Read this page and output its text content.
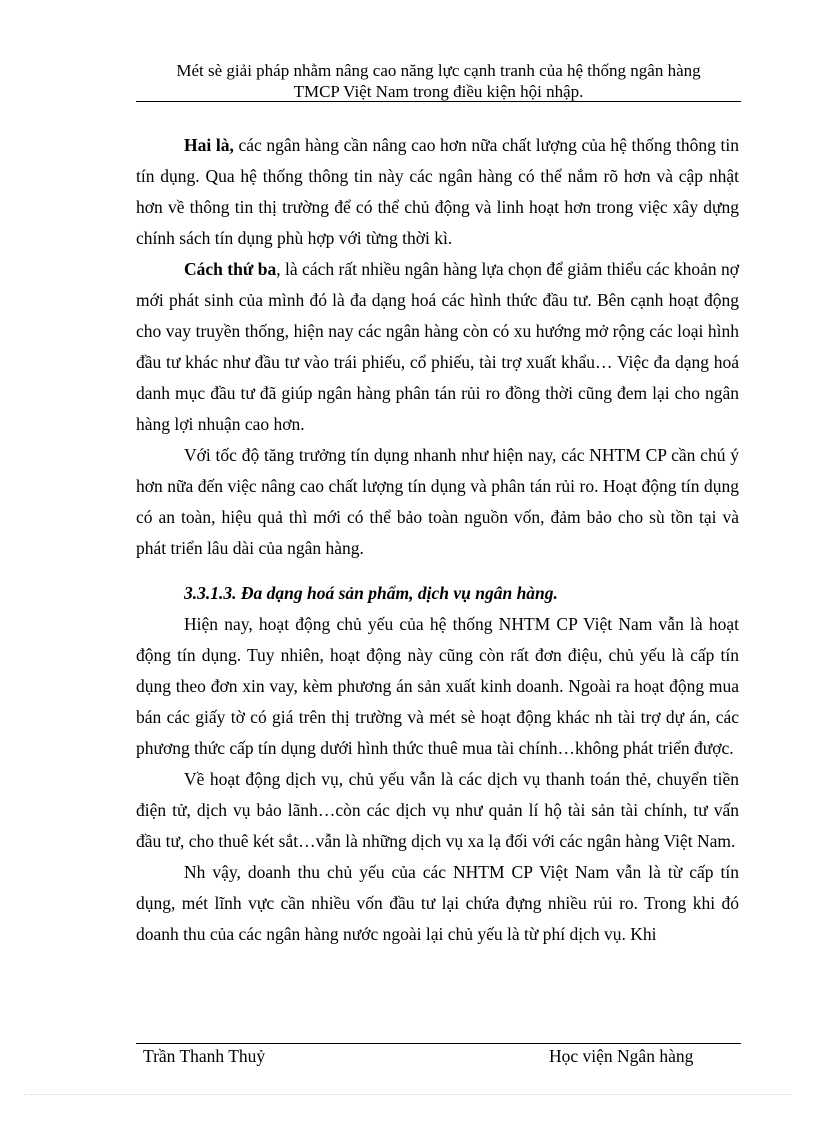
Mét sè giải pháp nhằm nâng cao năng lực cạnh tranh của hệ thống ngân hàng
TMCP Việt Nam trong điều kiện hội nhập.

Hai là, các ngân hàng cần nâng cao hơn nữa chất lượng của hệ thống thông tin tín dụng. Qua hệ thống thông tin này các ngân hàng có thể nắm rõ hơn và cập nhật hơn về thông tin thị trường để có thể chủ động và linh hoạt hơn trong việc xây dựng chính sách tín dụng phù hợp với từng thời kì.

Cách thứ ba, là cách rất nhiều ngân hàng lựa chọn để giảm thiểu các khoản nợ mới phát sinh của mình đó là đa dạng hoá các hình thức đầu tư. Bên cạnh hoạt động cho vay truyền thống, hiện nay các ngân hàng còn có xu hướng mở rộng các loại hình đầu tư khác như đầu tư vào trái phiếu, cổ phiếu, tài trợ xuất khẩu… Việc đa dạng hoá danh mục đầu tư đã giúp ngân hàng phân tán rủi ro đồng thời cũng đem lại cho ngân hàng lợi nhuận cao hơn.

Với tốc độ tăng trưởng tín dụng nhanh như hiện nay, các NHTM CP cần chú ý hơn nữa đến việc nâng cao chất lượng tín dụng và phân tán rủi ro. Hoạt động tín dụng có an toàn, hiệu quả thì mới có thể bảo toàn nguồn vốn, đảm bảo cho sù tồn tại và phát triển lâu dài của ngân hàng.

3.3.1.3. Đa dạng hoá sản phẩm, dịch vụ ngân hàng.

Hiện nay, hoạt động chủ yếu của hệ thống NHTM CP Việt Nam vẫn là hoạt động tín dụng. Tuy nhiên, hoạt động này cũng còn rất đơn điệu, chủ yếu là cấp tín dụng theo đơn xin vay, kèm phương án sản xuất kinh doanh. Ngoài ra hoạt động mua bán các giấy tờ có giá trên thị trường và mét sè hoạt động khác nh tài trợ dự án, các phương thức cấp tín dụng dưới hình thức thuê mua tài chính…không phát triển được.

Về hoạt động dịch vụ, chủ yếu vẫn là các dịch vụ thanh toán thẻ, chuyển tiền điện tử, dịch vụ bảo lãnh…còn các dịch vụ như quản lí hộ tài sản tài chính, tư vấn đầu tư, cho thuê két sắt…vẫn là những dịch vụ xa lạ đối với các ngân hàng Việt Nam.

Nh vậy, doanh thu chủ yếu của các NHTM CP Việt Nam vẫn là từ cấp tín dụng, mét lĩnh vực cần nhiều vốn đầu tư lại chứa đựng nhiều rủi ro. Trong khi đó doanh thu của các ngân hàng nước ngoài lại chủ yếu là từ phí dịch vụ. Khi

Trần Thanh Thuỷ	Học viện Ngân hàng
